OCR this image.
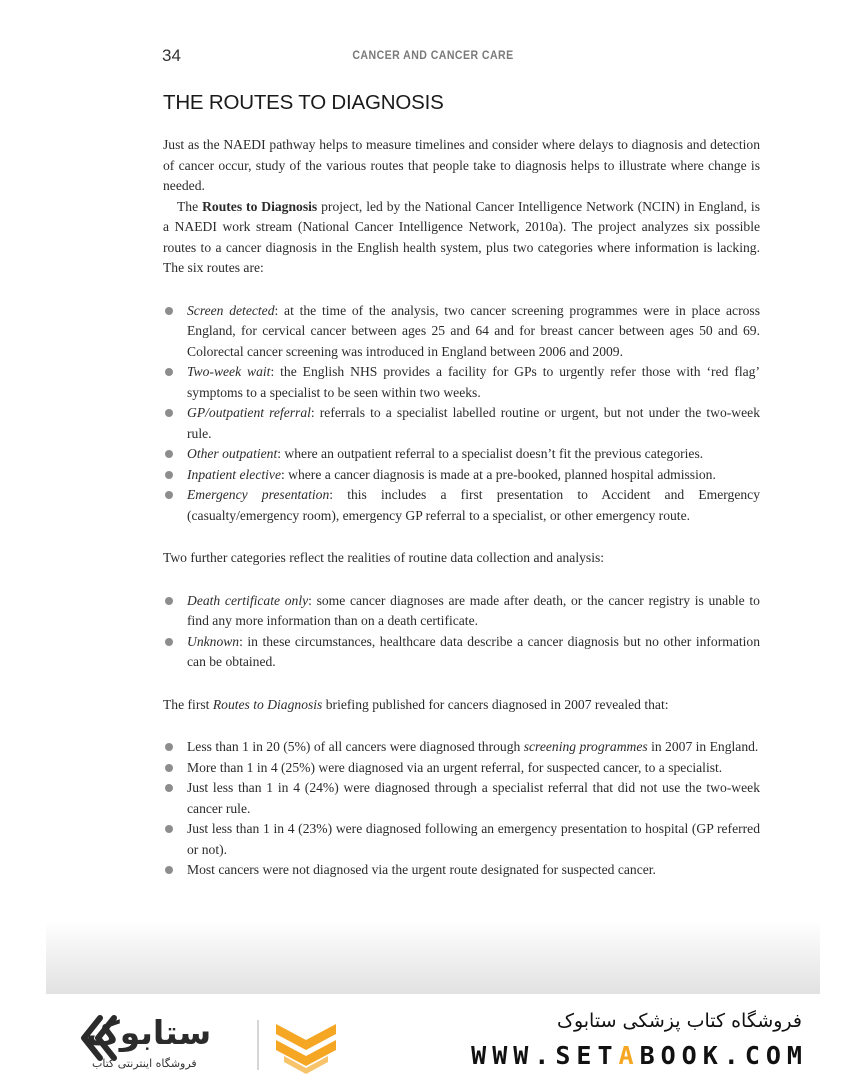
34	CANCER AND CANCER CARE
THE ROUTES TO DIAGNOSIS

Just as the NAEDI pathway helps to measure timelines and consider where delays to diagnosis and detection of cancer occur, study of the various routes that people take to diagnosis helps to illustrate where change is needed.

The Routes to Diagnosis project, led by the National Cancer Intelligence Network (NCIN) in England, is a NAEDI work stream (National Cancer Intelligence Network, 2010a). The project analyzes six possible routes to a cancer diagnosis in the English health system, plus two categories where information is lacking. The six routes are:

Screen detected: at the time of the analysis, two cancer screening programmes were in place across England, for cervical cancer between ages 25 and 64 and for breast cancer between ages 50 and 69. Colorectal cancer screening was introduced in England between 2006 and 2009.
Two-week wait: the English NHS provides a facility for GPs to urgently refer those with ‘red flag’ symptoms to a specialist to be seen within two weeks.
GP/outpatient referral: referrals to a specialist labelled routine or urgent, but not under the two-week rule.
Other outpatient: where an outpatient referral to a specialist doesn’t fit the previous categories.
Inpatient elective: where a cancer diagnosis is made at a pre-booked, planned hospital admission.
Emergency presentation: this includes a first presentation to Accident and Emergency (casualty/emergency room), emergency GP referral to a specialist, or other emergency route.

Two further categories reflect the realities of routine data collection and analysis:

Death certificate only: some cancer diagnoses are made after death, or the cancer registry is unable to find any more information than on a death certificate.
Unknown: in these circumstances, healthcare data describe a cancer diagnosis but no other information can be obtained.

The first Routes to Diagnosis briefing published for cancers diagnosed in 2007 revealed that:

Less than 1 in 20 (5%) of all cancers were diagnosed through screening programmes in 2007 in England.
More than 1 in 4 (25%) were diagnosed via an urgent referral, for suspected cancer, to a specialist.
Just less than 1 in 4 (24%) were diagnosed through a specialist referral that did not use the two-week cancer rule.
Just less than 1 in 4 (23%) were diagnosed following an emergency presentation to hospital (GP referred or not).
Most cancers were not diagnosed via the urgent route designated for suspected cancer.
ستابوک
فروشگاه اینترنتی کتاب
فروشگاه کتاب پزشکی ستابوک
WWW.SETABOOK.COM
